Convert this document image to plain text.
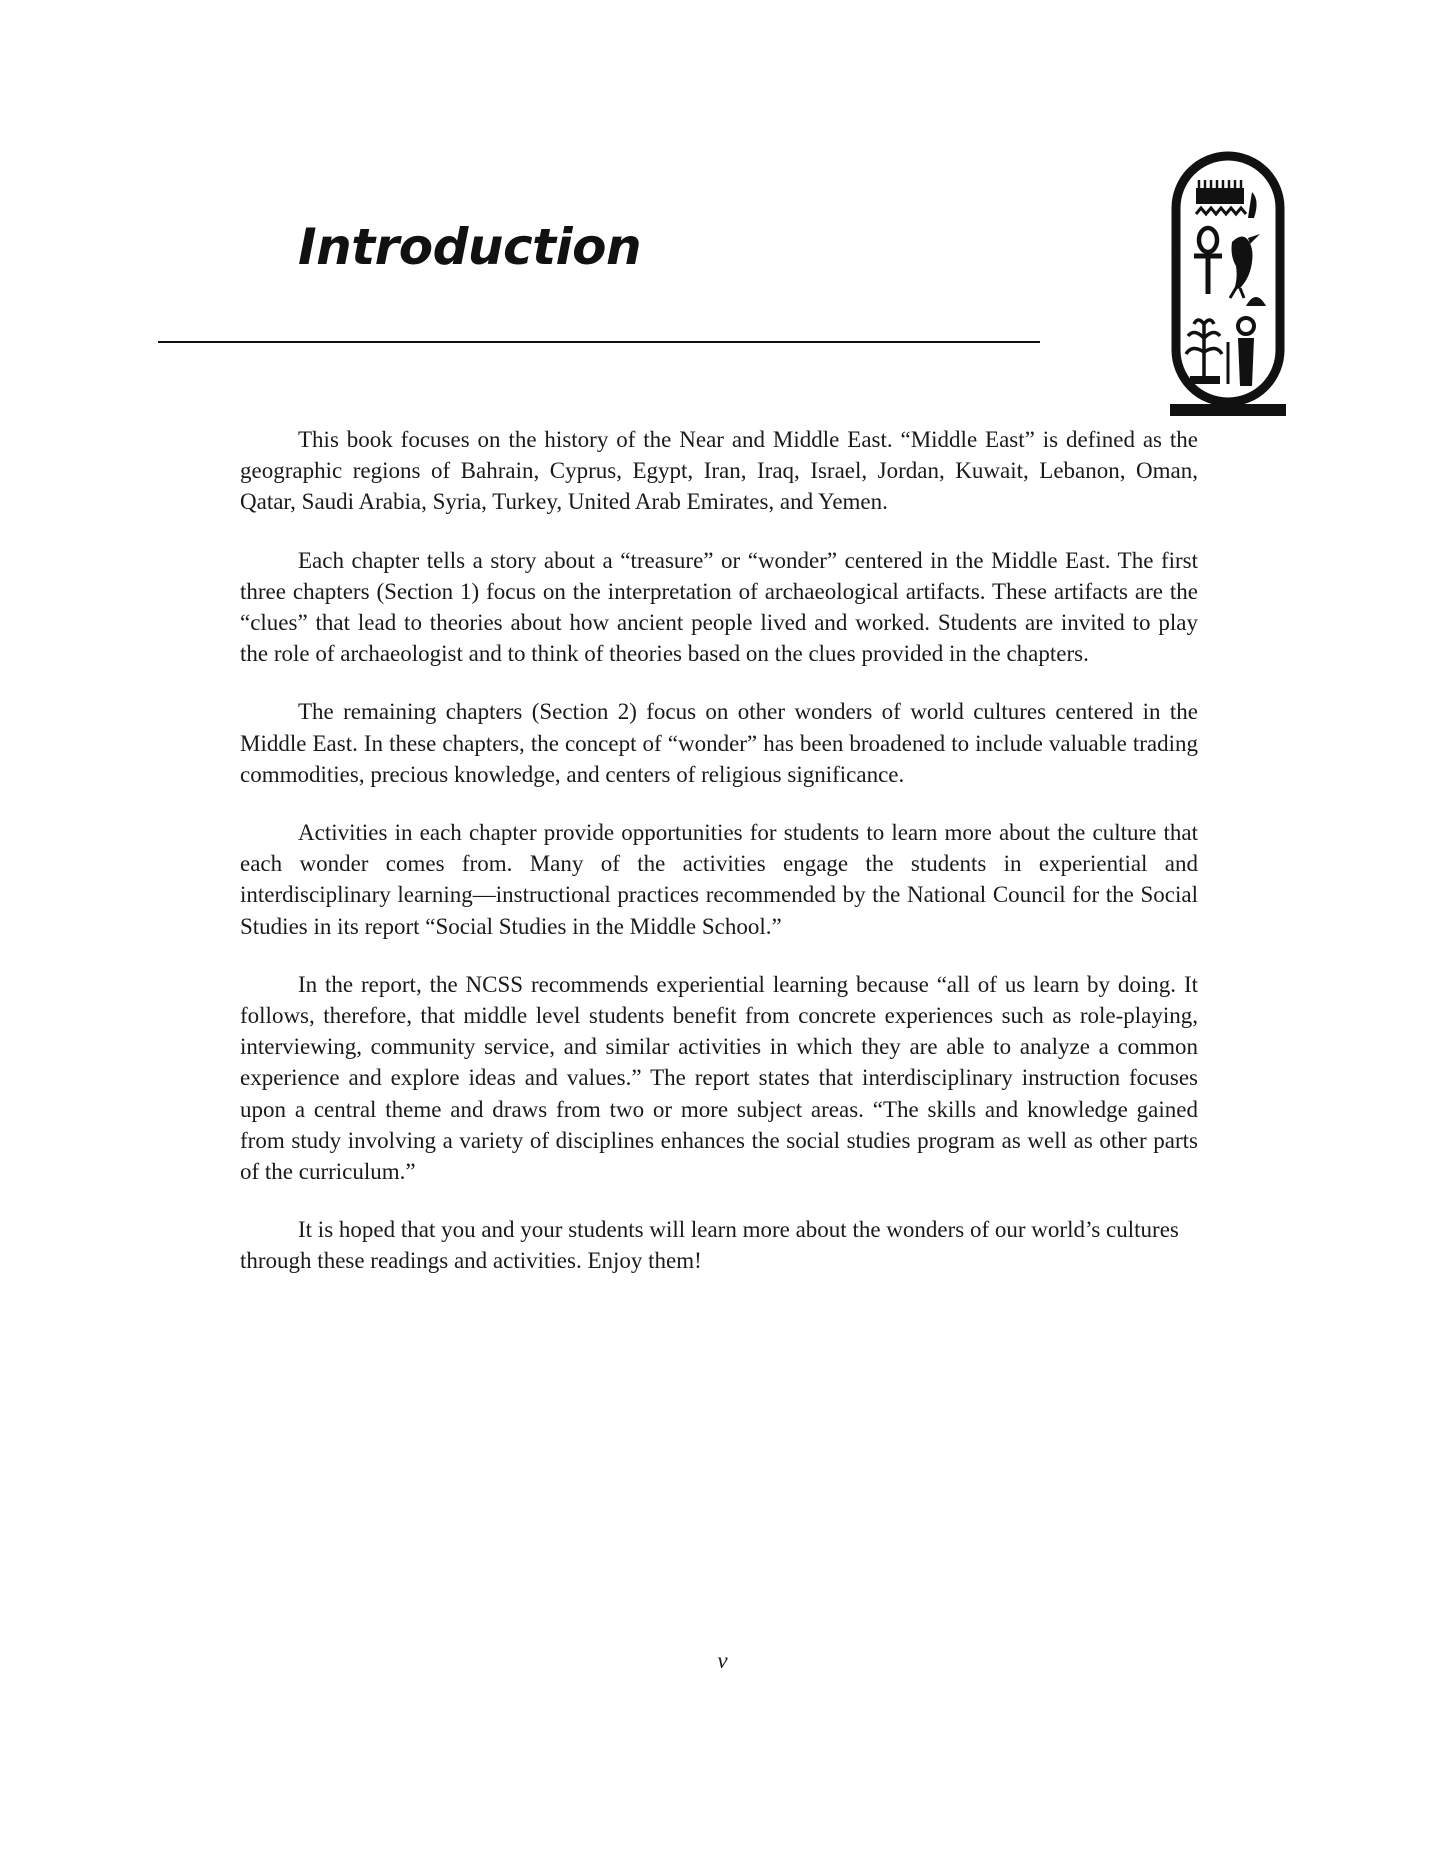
Introduction

This book focuses on the history of the Near and Middle East. “Middle East” is defined as the geographic regions of Bahrain, Cyprus, Egypt, Iran, Iraq, Israel, Jordan, Kuwait, Lebanon, Oman, Qatar, Saudi Arabia, Syria, Turkey, United Arab Emirates, and Yemen.

Each chapter tells a story about a “treasure” or “wonder” centered in the Middle East. The first three chapters (Section 1) focus on the interpretation of archaeological artifacts. These artifacts are the “clues” that lead to theories about how ancient people lived and worked. Students are invited to play the role of archaeologist and to think of theories based on the clues provided in the chapters.

The remaining chapters (Section 2) focus on other wonders of world cultures centered in the Middle East. In these chapters, the concept of “wonder” has been broadened to include valuable trading commodities, precious knowledge, and centers of religious significance.

Activities in each chapter provide opportunities for students to learn more about the culture that each wonder comes from. Many of the activities engage the students in experiential and interdisciplinary learning—instructional practices recommended by the National Council for the Social Studies in its report “Social Studies in the Middle School.”

In the report, the NCSS recommends experiential learning because “all of us learn by doing. It follows, therefore, that middle level students benefit from concrete experiences such as role-playing, interviewing, community service, and similar activities in which they are able to analyze a common experience and explore ideas and values.” The report states that interdisciplinary instruction focuses upon a central theme and draws from two or more subject areas. “The skills and knowledge gained from study involving a variety of disciplines enhances the social studies program as well as other parts of the curriculum.”

It is hoped that you and your students will learn more about the wonders of our world’s cultures through these readings and activities. Enjoy them!

v
